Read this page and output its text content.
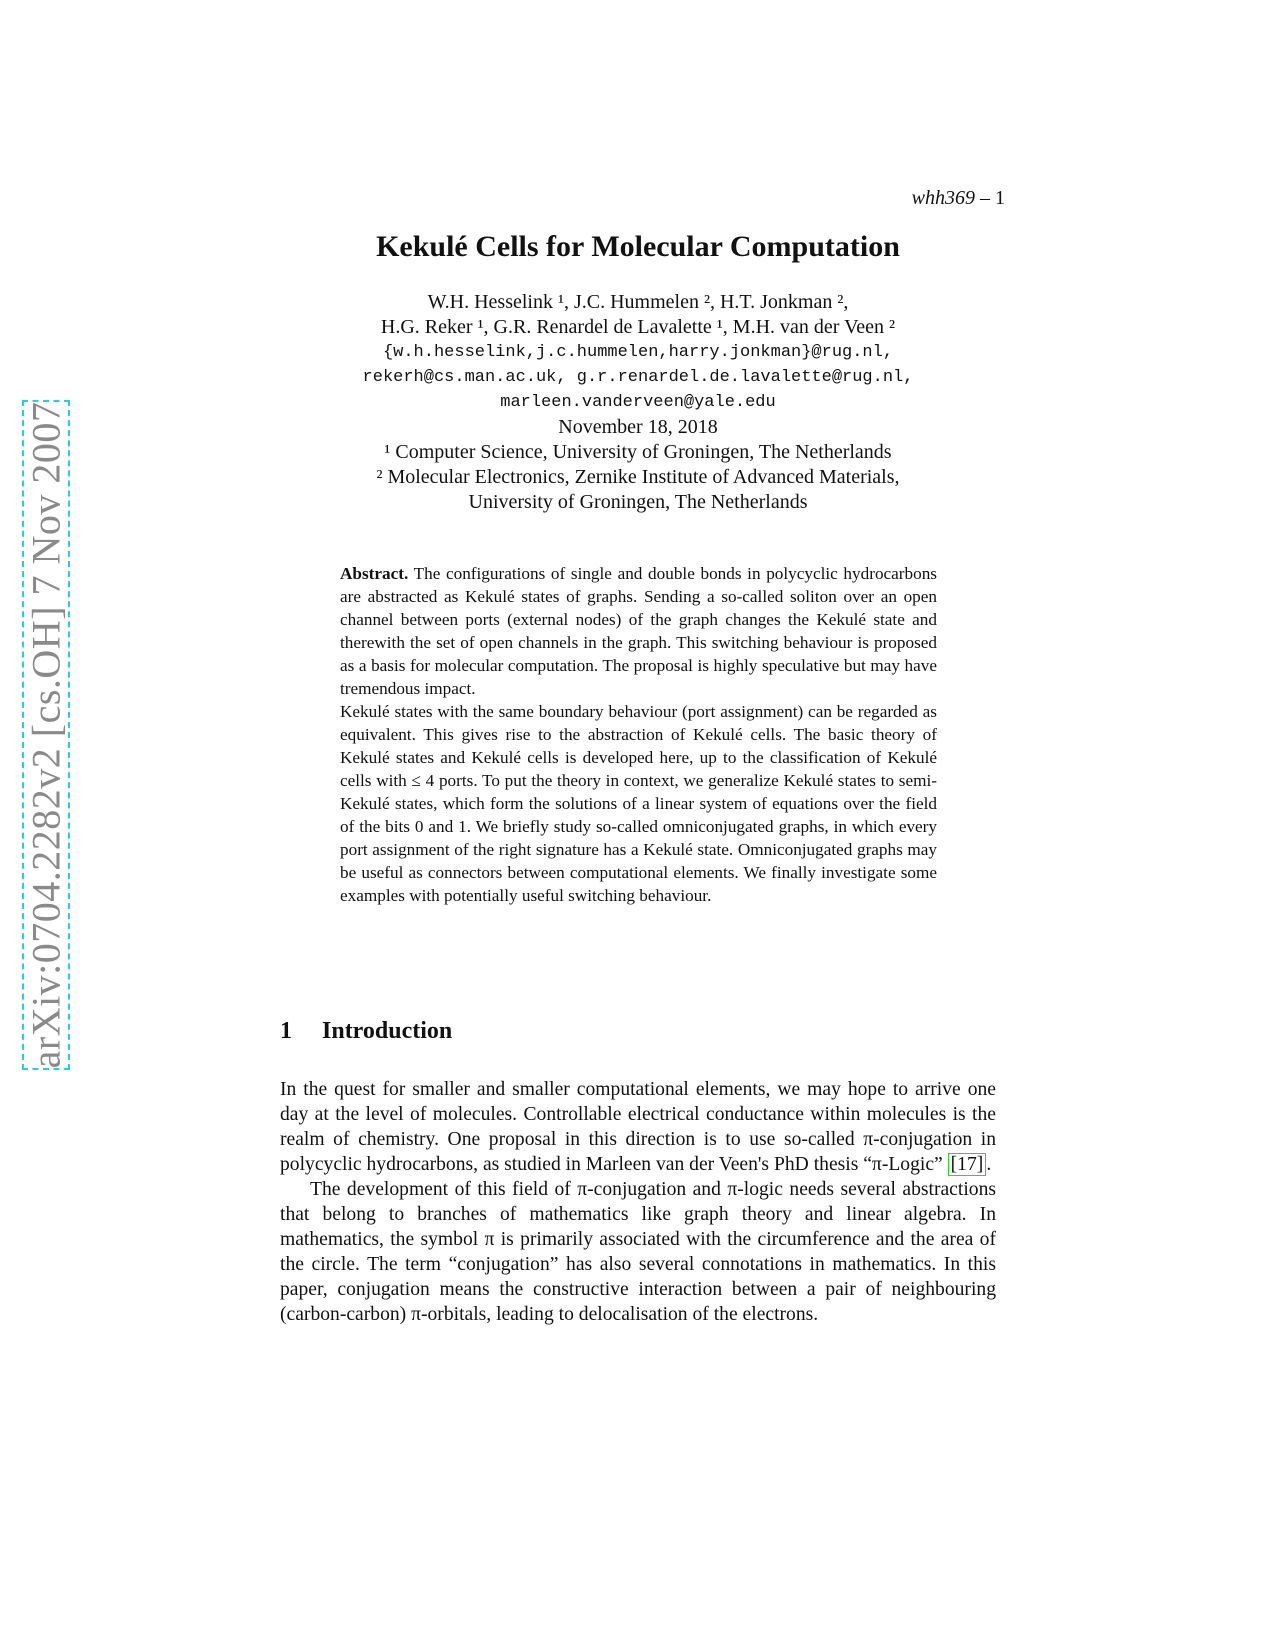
arXiv:0704.2282v2 [cs.OH] 7 Nov 2007
whh369 – 1
Kekulé Cells for Molecular Computation
W.H. Hesselink ¹, J.C. Hummelen ², H.T. Jonkman ²,
H.G. Reker ¹, G.R. Renardel de Lavalette ¹, M.H. van der Veen ²
{w.h.hesselink,j.c.hummelen,harry.jonkman}@rug.nl,
rekerh@cs.man.ac.uk, g.r.renardel.de.lavalette@rug.nl,
marleen.vanderveen@yale.edu
November 18, 2018
¹ Computer Science, University of Groningen, The Netherlands
² Molecular Electronics, Zernike Institute of Advanced Materials,
University of Groningen, The Netherlands

Abstract. The configurations of single and double bonds in polycyclic hydrocarbons are abstracted as Kekulé states of graphs. Sending a so-called soliton over an open channel between ports (external nodes) of the graph changes the Kekulé state and therewith the set of open channels in the graph. This switching behaviour is proposed as a basis for molecular computation. The proposal is highly speculative but may have tremendous impact.

Kekulé states with the same boundary behaviour (port assignment) can be regarded as equivalent. This gives rise to the abstraction of Kekulé cells. The basic theory of Kekulé states and Kekulé cells is developed here, up to the classification of Kekulé cells with ≤ 4 ports. To put the theory in context, we generalize Kekulé states to semi-Kekulé states, which form the solutions of a linear system of equations over the field of the bits 0 and 1. We briefly study so-called omniconjugated graphs, in which every port assignment of the right signature has a Kekulé state. Omniconjugated graphs may be useful as connectors between computational elements. We finally investigate some examples with potentially useful switching behaviour.

1 Introduction

In the quest for smaller and smaller computational elements, we may hope to arrive one day at the level of molecules. Controllable electrical conductance within molecules is the realm of chemistry. One proposal in this direction is to use so-called π-conjugation in polycyclic hydrocarbons, as studied in Marleen van der Veen's PhD thesis “π-Logic” [17] .

The development of this field of π-conjugation and π-logic needs several abstractions that belong to branches of mathematics like graph theory and linear algebra. In mathematics, the symbol π is primarily associated with the circumference and the area of the circle. The term “conjugation” has also several connotations in mathematics. In this paper, conjugation means the constructive interaction between a pair of neighbouring (carbon-carbon) π-orbitals, leading to delocalisation of the electrons.
